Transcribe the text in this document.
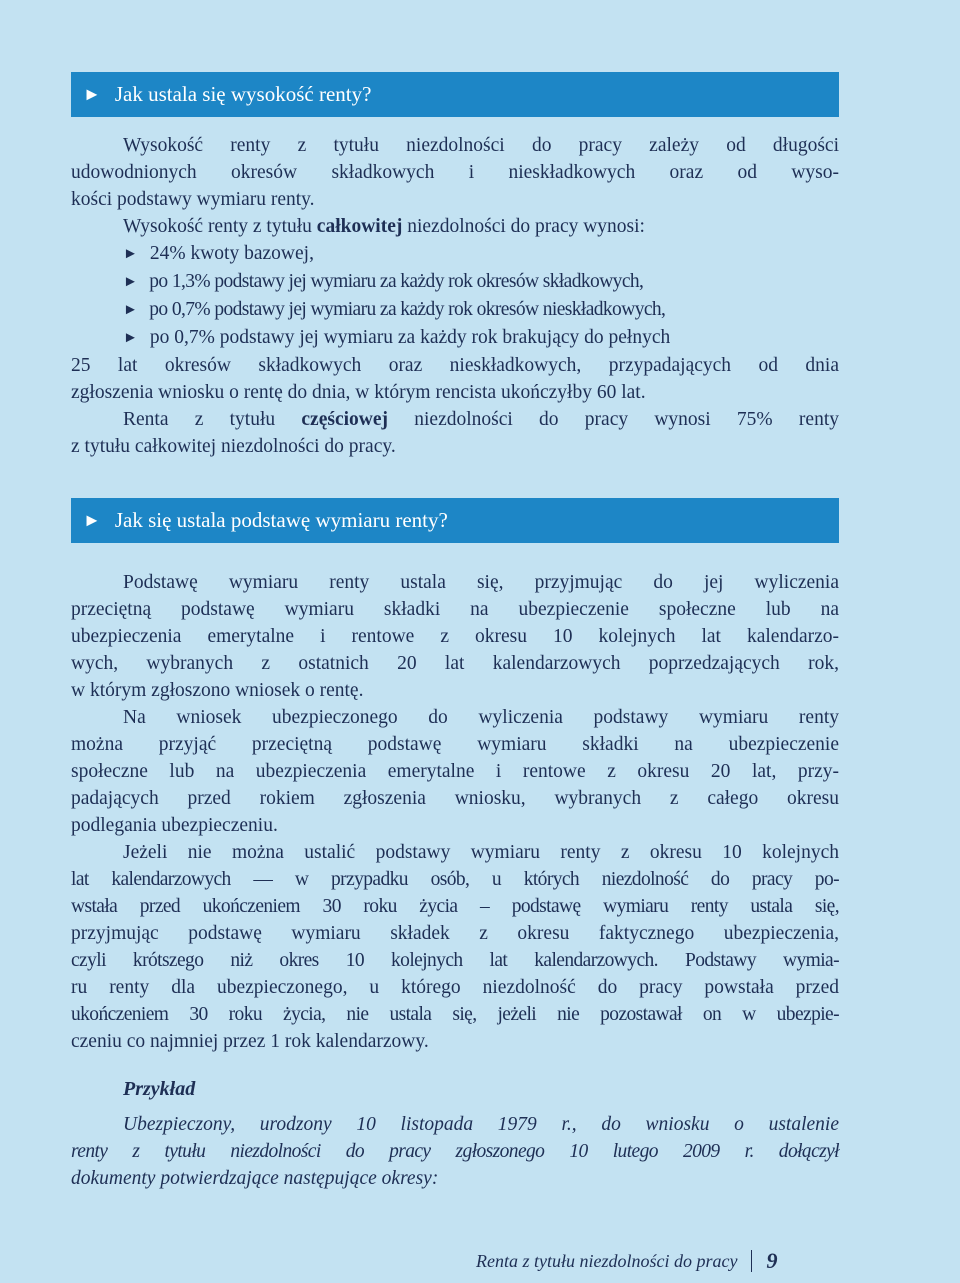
► Jak ustala się wysokość renty?
Wysokość renty z tytułu niezdolności do pracy zależy od długości
udowodnionych okresów składkowych i nieskładkowych oraz od wyso-
kości podstawy wymiaru renty.
Wysokość renty z tytułu całkowitej niezdolności do pracy wynosi:
► 24% kwoty bazowej,
► po 1,3% podstawy jej wymiaru za każdy rok okresów składkowych,
► po 0,7% podstawy jej wymiaru za każdy rok okresów nieskładkowych,
► po 0,7% podstawy jej wymiaru za każdy rok brakujący do pełnych
25 lat okresów składkowych oraz nieskładkowych, przypadających od dnia
zgłoszenia wniosku o rentę do dnia, w którym rencista ukończyłby 60 lat.
Renta z tytułu częściowej niezdolności do pracy wynosi 75% renty
z tytułu całkowitej niezdolności do pracy.
► Jak się ustala podstawę wymiaru renty?
Podstawę wymiaru renty ustala się, przyjmując do jej wyliczenia
przeciętną podstawę wymiaru składki na ubezpieczenie społeczne lub na
ubezpieczenia emerytalne i rentowe z okresu 10 kolejnych lat kalendarzo-
wych, wybranych z ostatnich 20 lat kalendarzowych poprzedzających rok,
w którym zgłoszono wniosek o rentę.
Na wniosek ubezpieczonego do wyliczenia podstawy wymiaru renty
można przyjąć przeciętną podstawę wymiaru składki na ubezpieczenie
społeczne lub na ubezpieczenia emerytalne i rentowe z okresu 20 lat, przy-
padających przed rokiem zgłoszenia wniosku, wybranych z całego okresu
podlegania ubezpieczeniu.
Jeżeli nie można ustalić podstawy wymiaru renty z okresu 10 kolejnych
lat kalendarzowych — w przypadku osób, u których niezdolność do pracy po-
wstała przed ukończeniem 30 roku życia – podstawę wymiaru renty ustala się,
przyjmując podstawę wymiaru składek z okresu faktycznego ubezpieczenia,
czyli krótszego niż okres 10 kolejnych lat kalendarzowych. Podstawy wymia-
ru renty dla ubezpieczonego, u którego niezdolność do pracy powstała przed
ukończeniem 30 roku życia, nie ustala się, jeżeli nie pozostawał on w ubezpie-
czeniu co najmniej przez 1 rok kalendarzowy.
Przykład
Ubezpieczony, urodzony 10 listopada 1979 r., do wniosku o ustalenie
renty z tytułu niezdolności do pracy zgłoszonego 10 lutego 2009 r. dołączył
dokumenty potwierdzające następujące okresy:
Renta z tytułu niezdolności do pracy 9
